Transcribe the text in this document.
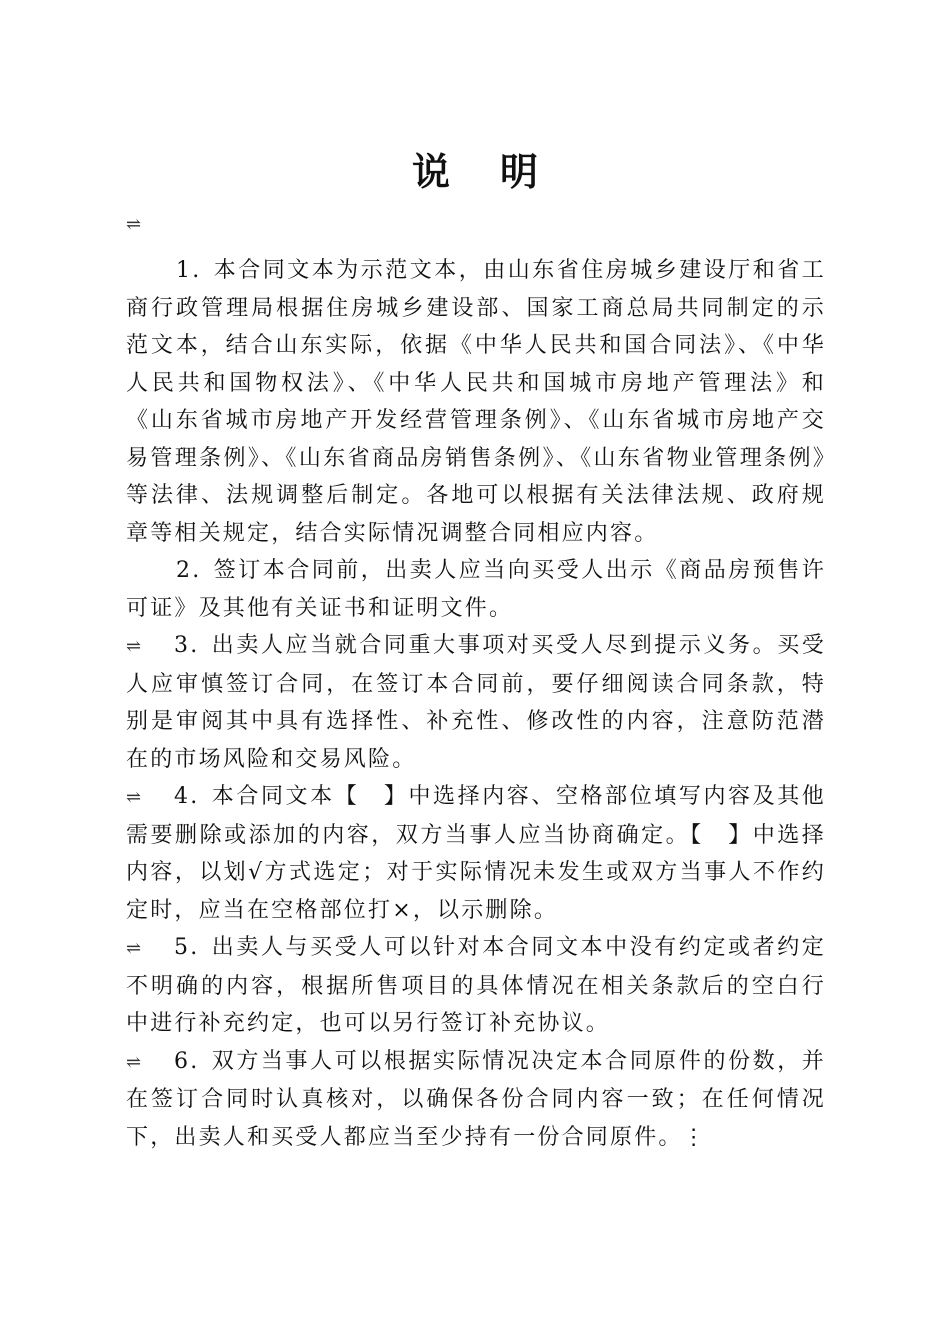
说明
⇌

1. 本合同文本为示范文本，由山东省住房城乡建设厅和省工商行政管理局根据住房城乡建设部、国家工商总局共同制定的示范文本，结合山东实际，依据《中华人民共和国合同法》、《中华人民共和国物权法》、《中华人民共和国城市房地产管理法》和《山东省城市房地产开发经营管理条例》、《山东省城市房地产交易管理条例》、《山东省商品房销售条例》、《山东省物业管理条例》等法律、法规调整后制定。各地可以根据有关法律法规、政府规章等相关规定，结合实际情况调整合同相应内容。

2. 签订本合同前，出卖人应当向买受人出示《商品房预售许可证》及其他有关证书和证明文件。

⇌ 3. 出卖人应当就合同重大事项对买受人尽到提示义务。买受人应审慎签订合同，在签订本合同前，要仔细阅读合同条款，特别是审阅其中具有选择性、补充性、修改性的内容，注意防范潜在的市场风险和交易风险。

⇌ 4. 本合同文本【　】中选择内容、空格部位填写内容及其他需要删除或添加的内容，双方当事人应当协商确定。【　】中选择内容，以划√方式选定；对于实际情况未发生或双方当事人不作约定时，应当在空格部位打×，以示删除。

⇌ 5. 出卖人与买受人可以针对本合同文本中没有约定或者约定不明确的内容，根据所售项目的具体情况在相关条款后的空白行中进行补充约定，也可以另行签订补充协议。

⇌ 6. 双方当事人可以根据实际情况决定本合同原件的份数，并在签订合同时认真核对，以确保各份合同内容一致；在任何情况下，出卖人和买受人都应当至少持有一份合同原件。⋮
